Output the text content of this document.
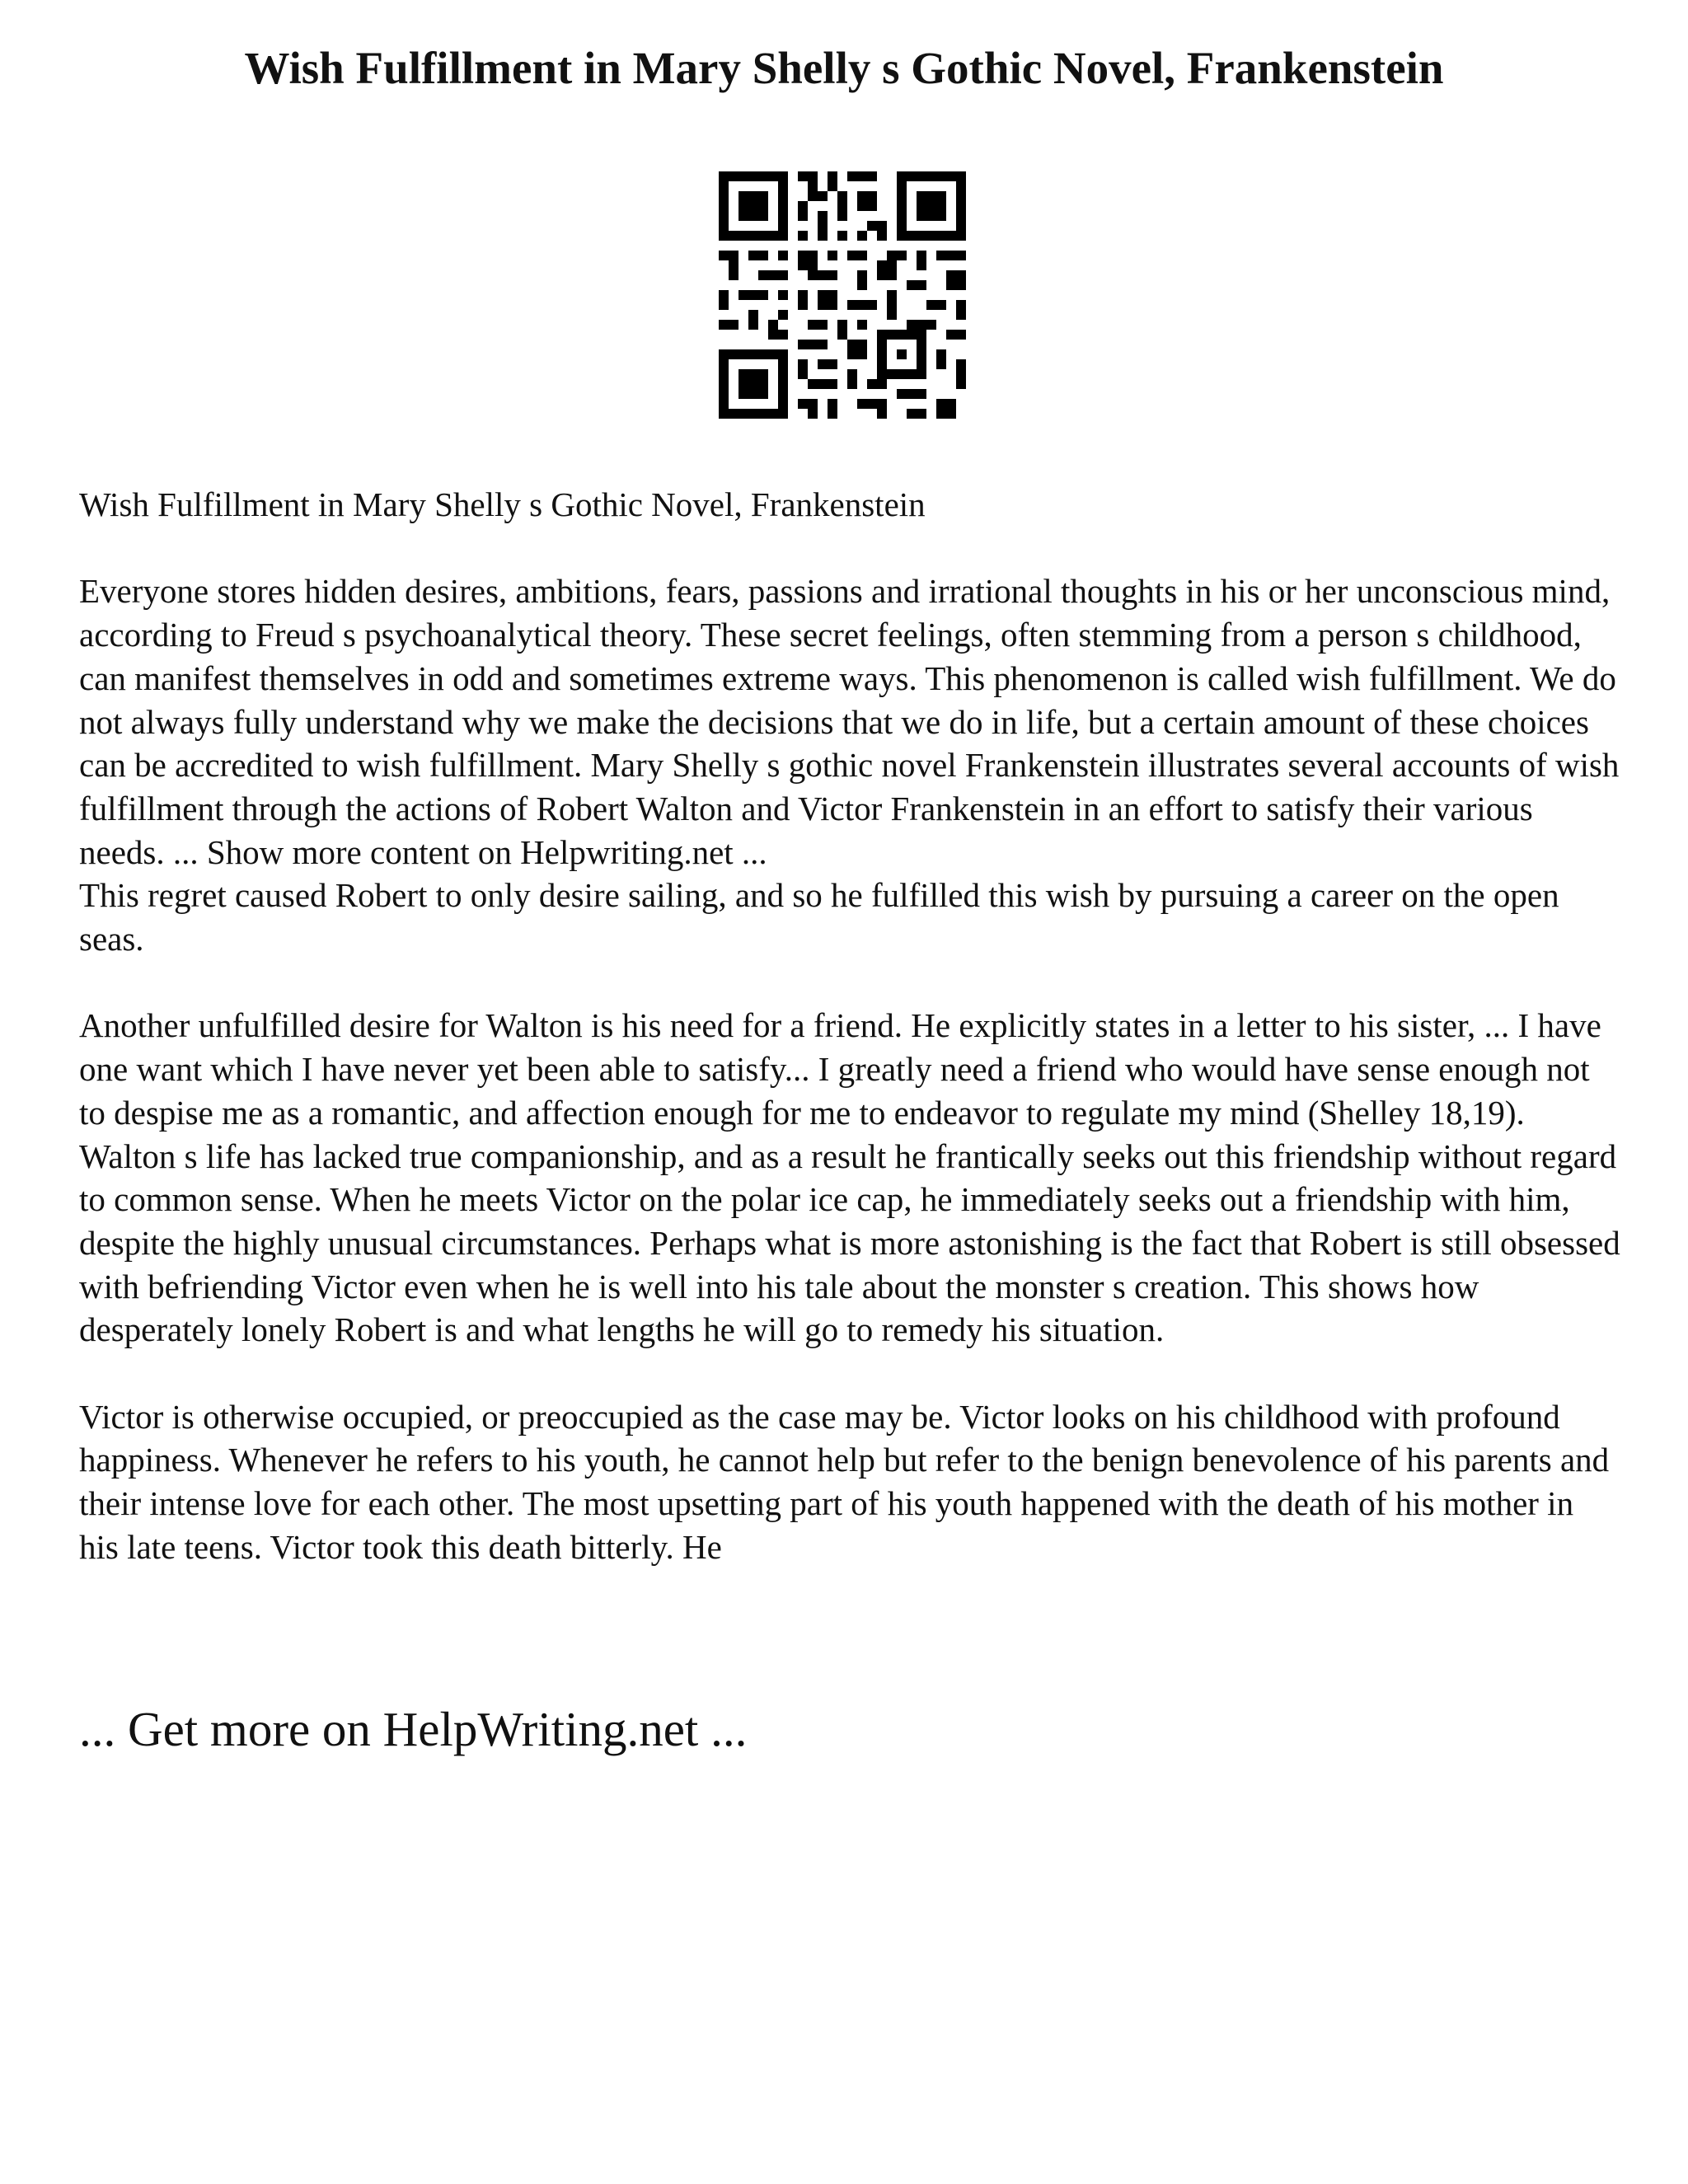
Wish Fulfillment in Mary Shelly s Gothic Novel, Frankenstein

Wish Fulfillment in Mary Shelly s Gothic Novel, Frankenstein

Everyone stores hidden desires, ambitions, fears, passions and irrational thoughts in his or her unconscious mind, according to Freud s psychoanalytical theory. These secret feelings, often stemming from a person s childhood, can manifest themselves in odd and sometimes extreme ways. This phenomenon is called wish fulfillment. We do not always fully understand why we make the decisions that we do in life, but a certain amount of these choices can be accredited to wish fulfillment. Mary Shelly s gothic novel Frankenstein illustrates several accounts of wish fulfillment through the actions of Robert Walton and Victor Frankenstein in an effort to satisfy their various needs. ... Show more content on Helpwriting.net ...

This regret caused Robert to only desire sailing, and so he fulfilled this wish by pursuing a career on the open seas.

Another unfulfilled desire for Walton is his need for a friend. He explicitly states in a letter to his sister, ... I have one want which I have never yet been able to satisfy... I greatly need a friend who would have sense enough not to despise me as a romantic, and affection enough for me to endeavor to regulate my mind (Shelley 18,19). Walton s life has lacked true companionship, and as a result he frantically seeks out this friendship without regard to common sense. When he meets Victor on the polar ice cap, he immediately seeks out a friendship with him, despite the highly unusual circumstances. Perhaps what is more astonishing is the fact that Robert is still obsessed with befriending Victor even when he is well into his tale about the monster s creation. This shows how desperately lonely Robert is and what lengths he will go to remedy his situation.

Victor is otherwise occupied, or preoccupied as the case may be. Victor looks on his childhood with profound happiness. Whenever he refers to his youth, he cannot help but refer to the benign benevolence of his parents and their intense love for each other. The most upsetting part of his youth happened with the death of his mother in his late teens. Victor took this death bitterly. He

... Get more on HelpWriting.net ...
